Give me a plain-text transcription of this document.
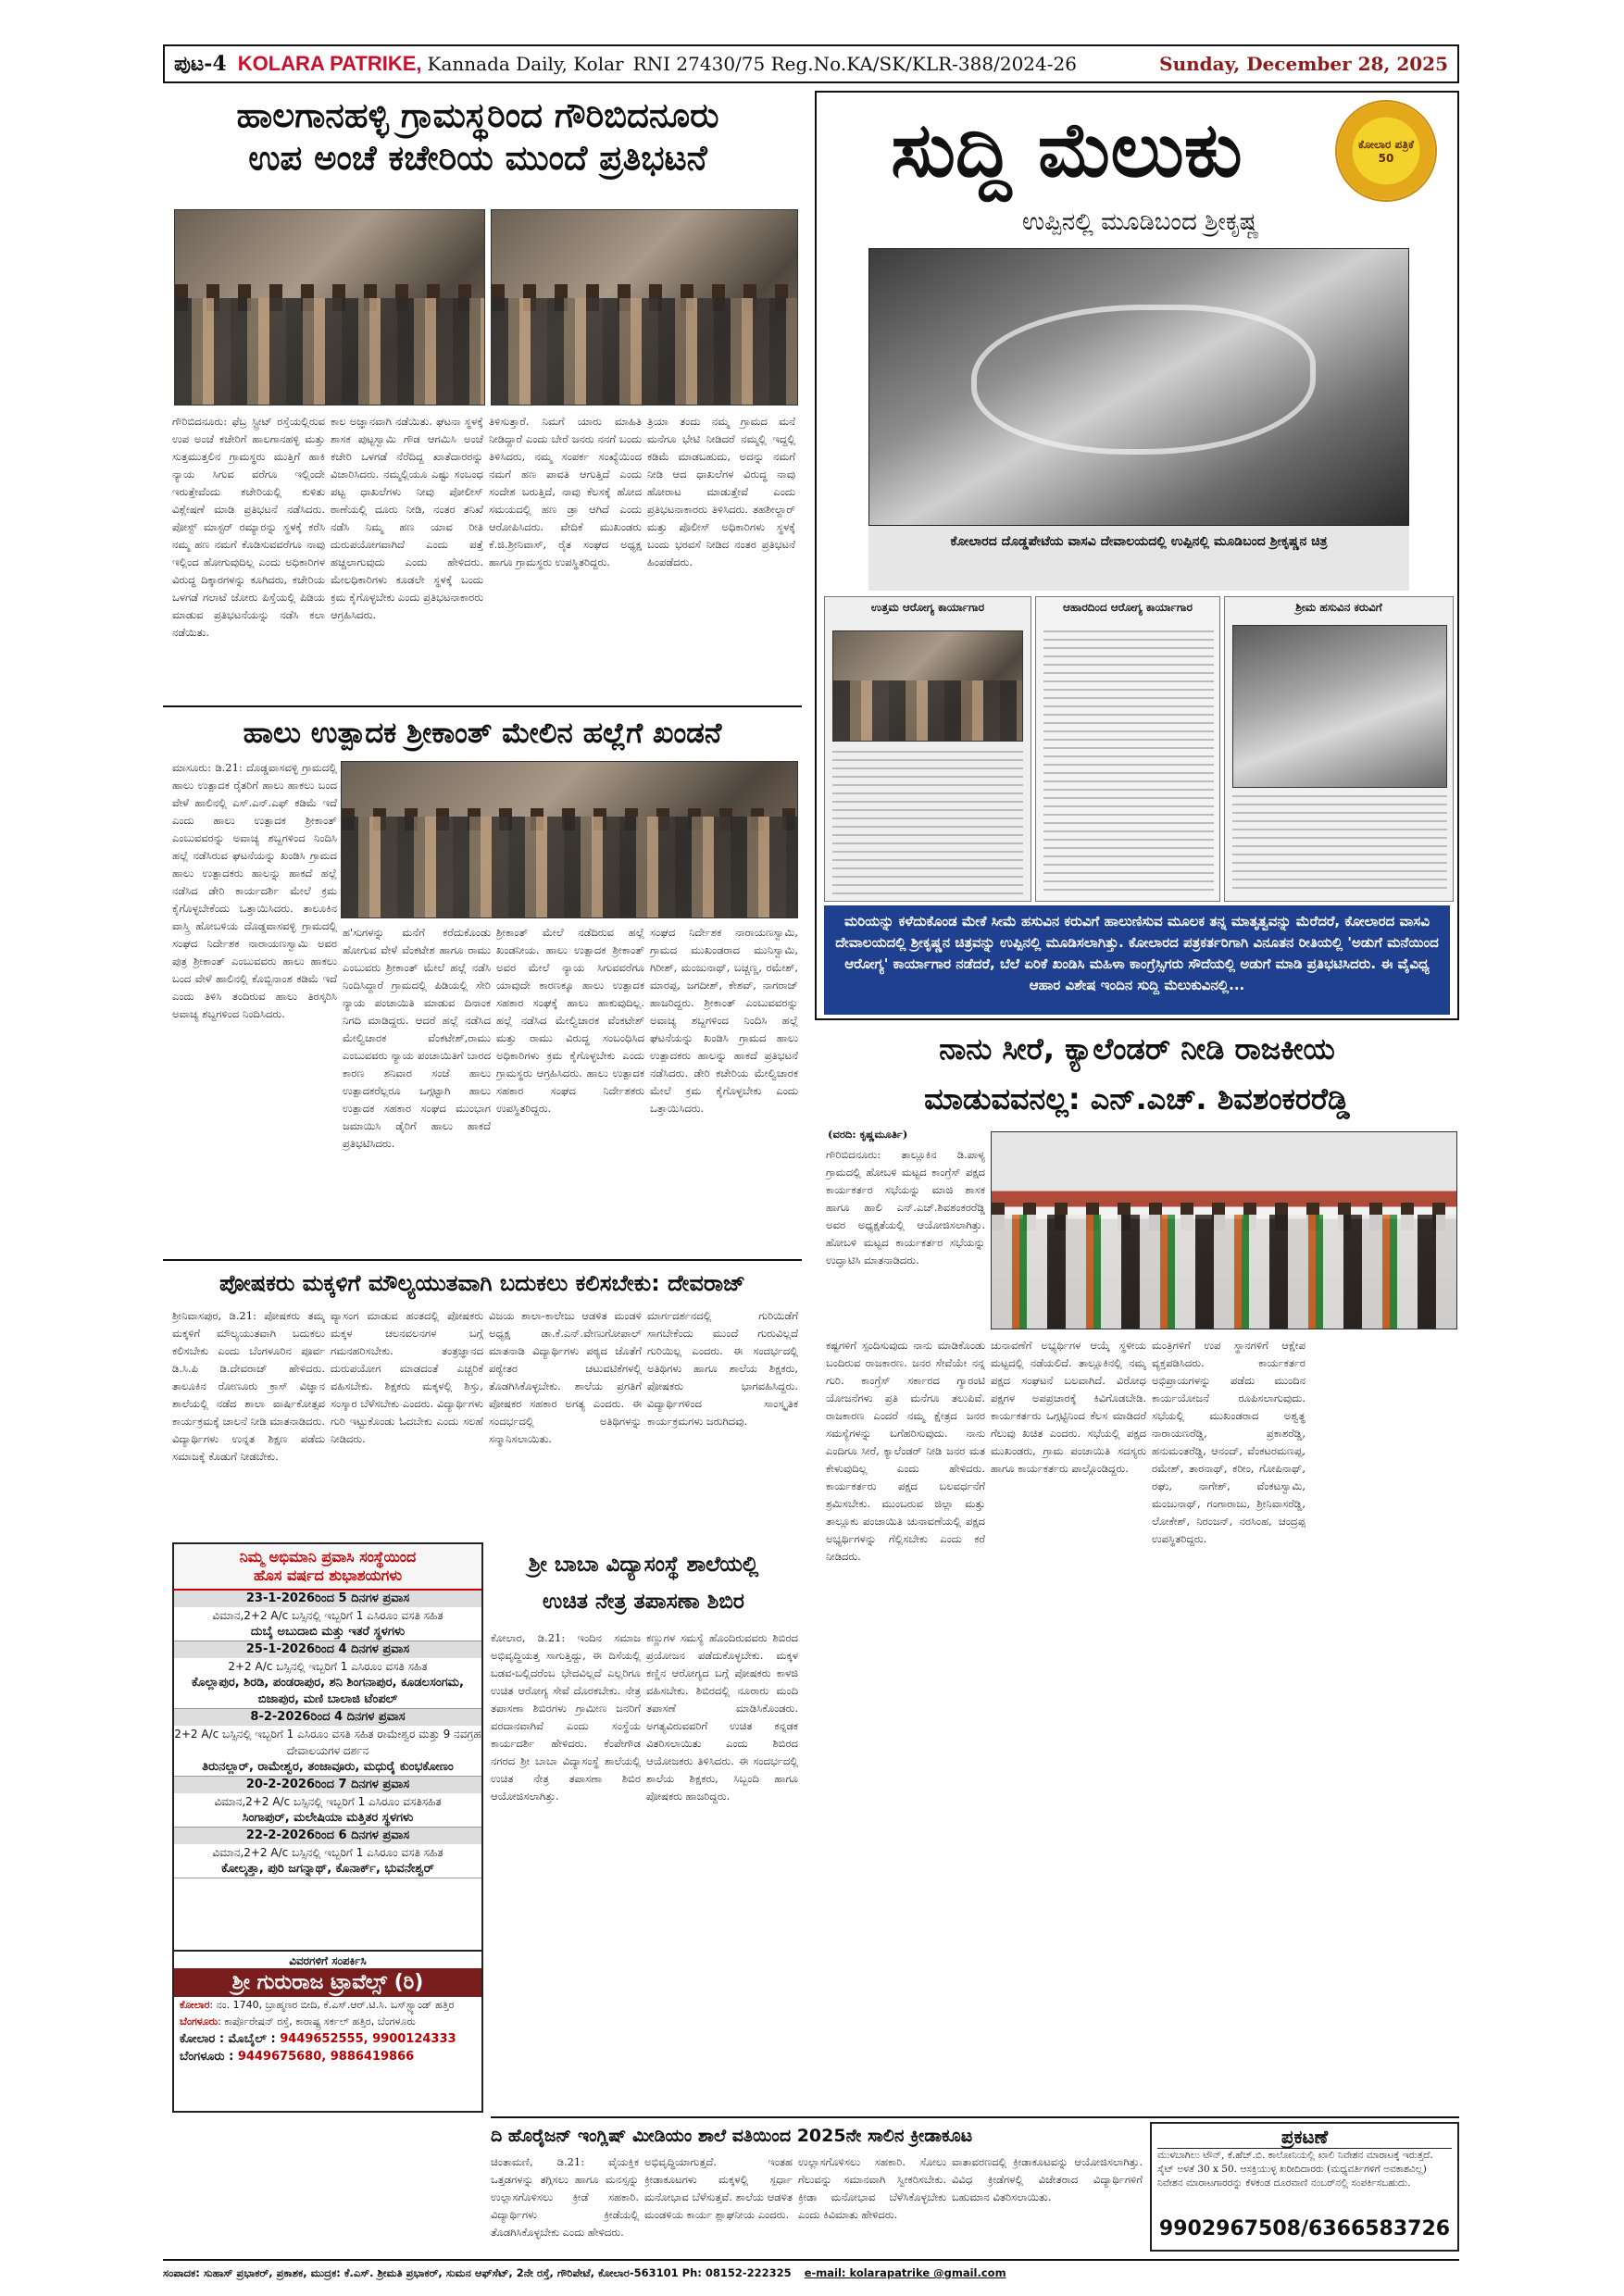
ಪುಟ-4 KOLARA PATRIKE, Kannada Daily, Kolar RNI 27430/75 Reg.No.KA/SK/KLR-388/2024-26	Sunday, December 28, 2025
ಹಾಲಗಾನಹಳ್ಳಿ ಗ್ರಾಮಸ್ಥರಿಂದ ಗೌರಿಬಿದನೂರು
ಉಪ ಅಂಚೆ ಕಚೇರಿಯ ಮುಂದೆ ಪ್ರತಿಭಟನೆ
ಗೌರಿಬಿದನೂರು: ಫೆಬ್ರ ಸ್ಟ್ರೀಟ್ ರಸ್ತೆಯಲ್ಲಿರುವ ಉಪ ಅಂಚೆ ಕಚೇರಿಗೆ ಹಾಲಗಾನಹಳ್ಳಿ ಮತ್ತು ಸುತ್ತಮುತ್ತಲಿನ ಗ್ರಾಮಸ್ಥರು ಮುತ್ತಿಗೆ ಹಾಕಿ ನ್ಯಾಯ ಸಿಗುವ ವರೆಗೂ ಇಲ್ಲಿಂದೇ ಇರುತ್ತೇವೆಂದು ಕಚೇರಿಯಲ್ಲಿ ಕುಳಿತು ವಿಶ್ಲೇಷಣೆ ಮಾಡಿ ಪ್ರತಿಭಟನೆ ನಡೆಸಿದರು. ಪೋಸ್ಟ್ ಮಾಸ್ಟರ್ ರಮ್ಯಾರನ್ನು ಸ್ಥಳಕ್ಕೆ ಕರೆಸಿ ನಮ್ಮ ಹಣ ನಮಗೆ ಕೊಡಿಸುವವರೆಗೂ ನಾವು ಇಲ್ಲಿಂದ ಹೋಗುವುದಿಲ್ಲ ಎಂದು ಅಧಿಕಾರಿಗಳ ವಿರುದ್ಧ ದಿಕ್ಕಾರಗಳನ್ನು ಕೂಗಿದರು, ಕಚೇರಿಯ ಒಳಗಡೆ ಗಲಾಟೆ ಜೋರು ಪಿಸ್ತೆಯಲ್ಲಿ ಪಿಡಿಯ ಮಾಡುವ ಪ್ರತಿಭಟನೆಯನ್ನು ನಡೆಸಿ ಕಲಾ ನಡೆಯಿತು.
ಕಾಲ ಅಜ್ಞಾನವಾಗಿ ನಡೆಯಿತು. ಘಟನಾ ಸ್ಥಳಕ್ಕೆ ಶಾಸಕ ಪುಟ್ಟಸ್ವಾಮಿ ಗೌಡ ಆಗಮಿಸಿ ಅಂಚೆ ಕಚೇರಿ ಒಳಗಡೆ ನೆರೆದಿದ್ದ ಖಾತೆದಾರರನ್ನು ವಿಚಾರಿಸಿದರು. ನಮ್ಮಲ್ಲಿಯೂ ಎಷ್ಟು ಸಂಬಂಧ ಪಟ್ಟ ಧಾಖಲೆಗಳು ನೀವು ಪೋಲೀಸ್ ಠಾಣೆಯಲ್ಲಿ ದೂರು ನೀಡಿ, ನಂತರ ತನಿಖೆ ನಡೆಸಿ ನಿಮ್ಮ ಹಣ ಯಾವ ರೀತಿ ದುರುಪಯೋಗವಾಗಿದೆ ಎಂದು ಪತ್ತೆ ಹಚ್ಚಲಾಗುವುದು ಎಂದು ಹೇಳಿದರು. ಮೇಲಧಿಕಾರಿಗಳು ಕೂಡಲೇ ಸ್ಥಳಕ್ಕೆ ಬಂದು ಕ್ರಮ ಕೈಗೊಳ್ಳಬೇಕು ಎಂದು ಪ್ರತಿಭಟನಾಕಾರರು ಆಗ್ರಹಿಸಿದರು.
ತಿಳಿಸುತ್ತಾರೆ. ನಿಮಗೆ ಯಾರು ಮಾಹಿತಿ ನೀಡಿದ್ದಾರೆ ಎಂದು ಬೇರೆ ಜನರು ನನಗೆ ಬಂದು ತಿಳಿಸಿದರು, ನಮ್ಮ ಸಂಪರ್ಕ ಸಂಖ್ಯೆಯಿಂದ ನಮಗೆ ಹಣ ಪಾವತಿ ಆಗುತ್ತಿದೆ ಎಂದು ಸಂದೇಶ ಬರುತ್ತಿದೆ, ನಾವು ಕೆಲಸಕ್ಕೆ ಹೋದ ಸಮಯದಲ್ಲಿ ಹಣ ಡ್ರಾ ಆಗಿದೆ ಎಂದು ಆರೋಪಿಸಿದರು. ವೇದಿಕೆ ಮುಖಂಡರು ಕೆ.ಜಿ.ಶ್ರೀನಿವಾಸ್, ರೈತ ಸಂಘದ ಅಧ್ಯಕ್ಷ ಹಾಗೂ ಗ್ರಾಮಸ್ಥರು ಉಪಸ್ಥಿತರಿದ್ದರು.
ತ್ರಿಯಾ ತಂದು ನಮ್ಮ ಗ್ರಾಮದ ಮನೆ ಮನೆಗೂ ಭೇಟಿ ನೀಡಿದರೆ ನಮ್ಮಲ್ಲಿ ಇದ್ದಲ್ಲಿ ಕಡಿಮೆ ಮಾಡಬಹುದು, ಅದನ್ನು ನಮಗೆ ನೀಡಿ ಆದ ಧಾಖಲೆಗಳ ವಿರುದ್ಧ ನಾವು ಹೋರಾಟ ಮಾಡುತ್ತೇವೆ ಎಂದು ಪ್ರತಿಭಟನಾಕಾರರು ತಿಳಿಸಿದರು. ತಹಶೀಲ್ದಾರ್ ಮತ್ತು ಪೊಲೀಸ್ ಅಧಿಕಾರಿಗಳು ಸ್ಥಳಕ್ಕೆ ಬಂದು ಭರವಸೆ ನೀಡಿದ ನಂತರ ಪ್ರತಿಭಟನೆ ಹಿಂಪಡೆದರು.
ಸುದ್ದಿ ಮೆಲುಕು	ಕೋಲಾರ ಪತ್ರಿಕೆ 50
ಉಪ್ಪಿನಲ್ಲಿ ಮೂಡಿಬಂದ ಶ್ರೀಕೃಷ್ಣ
ಕೋಲಾರದ ದೊಡ್ಡಪೇಟೆಯ ವಾಸವಿ ದೇವಾಲಯದಲ್ಲಿ ಉಪ್ಪಿನಲ್ಲಿ ಮೂಡಿಬಂದ ಶ್ರೀಕೃಷ್ಣನ ಚಿತ್ರ
ಉತ್ತಮ ಆರೋಗ್ಯ ಕಾರ್ಯಾಗಾರ	ಆಹಾರದಿಂದ ಆರೋಗ್ಯ ಕಾರ್ಯಾಗಾರ	ಶ್ರೀಮ ಹಸುವಿನ ಕರುವಿಗೆ
ಮರಿಯನ್ನು ಕಳೆದುಕೊಂಡ ಮೇಕೆ ಸೀಮೆ ಹಸುವಿನ ಕರುವಿಗೆ ಹಾಲುಣಿಸುವ ಮೂಲಕ ತನ್ನ ಮಾತೃತ್ವವನ್ನು ಮೆರೆದರೆ, ಕೋಲಾರದ ವಾಸವಿ ದೇವಾಲಯದಲ್ಲಿ ಶ್ರೀಕೃಷ್ಣನ ಚಿತ್ರವನ್ನು ಉಪ್ಪಿನಲ್ಲಿ ಮೂಡಿಸಲಾಗಿತ್ತು. ಕೋಲಾರದ ಪತ್ರಕರ್ತರಿಗಾಗಿ ವಿನೂತನ ರೀತಿಯಲ್ಲಿ 'ಅಡುಗೆ ಮನೆಯಿಂದ ಆರೋಗ್ಯ' ಕಾರ್ಯಾಗಾರ ನಡೆದರೆ, ಬೆಲೆ ಏರಿಕೆ ಖಂಡಿಸಿ ಮಹಿಳಾ ಕಾಂಗ್ರೆಸ್ಸಿಗರು ಸೌದೆಯಲ್ಲಿ ಅಡುಗೆ ಮಾಡಿ ಪ್ರತಿಭಟಿಸಿದರು. ಈ ವೈವಿಧ್ಯ ಆಹಾರ ವಿಶೇಷ ಇಂದಿನ ಸುದ್ದಿ ಮೆಲುಕುವಿನಲ್ಲಿ...
ಹಾಲು ಉತ್ಪಾದಕ ಶ್ರೀಕಾಂತ್ ಮೇಲಿನ ಹಲ್ಲೆಗೆ ಖಂಡನೆ
ಮಾಸೂರು: ಡಿ.21: ದೊಡ್ಡವಾಸವಳ್ಳಿ ಗ್ರಾಮದಲ್ಲಿ ಹಾಲು ಉತ್ಪಾದಕ ರೈತರಿಗೆ ಹಾಲು ಹಾಕಲು ಬಂದ ವೇಳೆ ಹಾಲಿನಲ್ಲಿ ಎಸ್.ಎನ್.ಎಫ್ ಕಡಿಮೆ ಇದೆ ಎಂದು ಹಾಲು ಉತ್ಪಾದಕ ಶ್ರೀಕಾಂತ್ ಎಂಬುವವರನ್ನು ಅವಾಚ್ಯ ಶಬ್ದಗಳಿಂದ ನಿಂದಿಸಿ ಹಲ್ಲೆ ನಡೆಸಿರುವ ಘಟನೆಯನ್ನು ಖಂಡಿಸಿ ಗ್ರಾಮದ ಹಾಲು ಉತ್ಪಾದಕರು ಹಾಲನ್ನು ಹಾಕದೆ ಹಲ್ಲೆ ನಡೆಸಿದ ಡೇರಿ ಕಾರ್ಯದರ್ಶಿ ಮೇಲೆ ಕ್ರಮ ಕೈಗೊಳ್ಳಬೇಕೆಂದು ಒತ್ತಾಯಿಸಿದರು. ತಾಲೂಕಿನ ವಾಸ್ತ್ರಿ ಹೋಬಳಿಯ ದೊಡ್ಡವಾಸವಳ್ಳಿ ಗ್ರಾಮದಲ್ಲಿ ಸಂಘದ ನಿರ್ದೇಶಕ ನಾರಾಯಣಸ್ವಾಮಿ ಅವರ ಪುತ್ರ ಶ್ರೀಕಾಂತ್ ಎಂಬುವವರು ಹಾಲು ಹಾಕಲು ಬಂದ ವೇಳೆ ಹಾಲಿನಲ್ಲಿ ಕೊಬ್ಬಿನಾಂಶ ಕಡಿಮೆ ಇದೆ ಎಂದು ತಿಳಿಸಿ ತಂದಿರುವ ಹಾಲು ತಿರಸ್ಕರಿಸಿ ಅವಾಚ್ಯ ಶಬ್ದಗಳಿಂದ ನಿಂದಿಸಿದರು.
ಹ'ಸುಗಳನ್ನು ಮನೆಗೆ ಕರೆದುಕೊಂಡು ಹೋಗುವ ವೇಳೆ ವೆಂಕಟೇಶ ಹಾಗೂ ರಾಮು ಎಂಬುವರು ಶ್ರೀಕಾಂತ್ ಮೇಲೆ ಹಲ್ಲೆ ನಡೆಸಿ ನಿಂದಿಸಿದ್ದಾರೆ ಗ್ರಾಮದಲ್ಲಿ ಪಿಡಿಯಲ್ಲಿ ಸೇರಿ ನ್ಯಾಯ ಪಂಚಾಯಿತಿ ಮಾಡುವ ದಿನಾಂಕ ನಿಗದಿ ಮಾಡಿದ್ದರು. ಆದರೆ ಹಲ್ಲೆ ನಡೆಸಿದ ಮೇಲ್ವಿಚಾರಕ ವೆಂಕಟೇಶ್,ರಾಮು ಎಂಬುವವರು ನ್ಯಾಯ ಪಂಚಾಯಿತಿಗೆ ಬಾರದ ಕಾರಣ ಶನಿವಾರ ಸಂಜೆ ಹಾಲು ಉತ್ಪಾದಕರೆಲ್ಲರೂ ಒಗ್ಗಟ್ಟಾಗಿ ಹಾಲು ಉತ್ಪಾದಕ ಸಹಕಾರ ಸಂಘದ ಮುಂಭಾಗ ಜಮಾಯಿಸಿ ಡೈರಿಗೆ ಹಾಲು ಹಾಕದೆ ಪ್ರತಿಭಟಿಸಿದರು.
ಶ್ರೀಕಾಂತ್ ಮೇಲೆ ನಡೆದಿರುವ ಹಲ್ಲೆ ಖಂಡನೀಯ. ಹಾಲು ಉತ್ಪಾದಕ ಶ್ರೀಕಾಂತ್ ಅವರ ಮೇಲೆ ನ್ಯಾಯ ಸಿಗುವವರೆಗೂ ಯಾವುದೇ ಕಾರಣಕ್ಕೂ ಹಾಲು ಉತ್ಪಾದಕ ಸಹಕಾರ ಸಂಘಕ್ಕೆ ಹಾಲು ಹಾಕುವುದಿಲ್ಲ. ಹಲ್ಲೆ ನಡೆಸಿದ ಮೇಲ್ವಿಚಾರಕ ವೆಂಕಟೇಶ್ ಮತ್ತು ರಾಮು ವಿರುದ್ಧ ಸಂಬಂಧಿಸಿದ ಅಧಿಕಾರಿಗಳು ಕ್ರಮ ಕೈಗೊಳ್ಳಬೇಕು ಎಂದು ಗ್ರಾಮಸ್ಥರು ಆಗ್ರಹಿಸಿದರು. ಹಾಲು ಉತ್ಪಾದಕ ಸಹಕಾರ ಸಂಘದ ನಿರ್ದೇಶಕರು ಉಪಸ್ಥಿತರಿದ್ದರು.
ಸಂಘದ ನಿರ್ದೇಶಕ ನಾರಾಯಣಸ್ವಾಮಿ, ಗ್ರಾಮದ ಮುಖಂಡರಾದ ಮುನಿಸ್ವಾಮಿ, ಗಿರೀಶ್, ಮಂಜುನಾಥ್, ಬಚ್ಚಣ್ಣ, ರಮೇಶ್, ಮಾರಪ್ಪ, ಜಗದೀಶ್, ಕೇಶವ್, ನಾಗರಾಜ್ ಹಾಜರಿದ್ದರು. ಶ್ರೀಕಾಂತ್ ಎಂಬುವವರನ್ನು ಅವಾಚ್ಯ ಶಬ್ದಗಳಿಂದ ನಿಂದಿಸಿ ಹಲ್ಲೆ ಘಟನೆಯನ್ನು ಖಂಡಿಸಿ ಗ್ರಾಮದ ಹಾಲು ಉತ್ಪಾದಕರು ಹಾಲನ್ನು ಹಾಕದೆ ಪ್ರತಿಭಟನೆ ನಡೆಸಿದರು. ಡೇರಿ ಕಚೇರಿಯ ಮೇಲ್ವಿಚಾರಕ ಮೇಲೆ ಕ್ರಮ ಕೈಗೊಳ್ಳಬೇಕು ಎಂದು ಒತ್ತಾಯಿಸಿದರು.
ನಾನು ಸೀರೆ, ಕ್ಯಾಲೆಂಡರ್ ನೀಡಿ ರಾಜಕೀಯ
ಮಾಡುವವನಲ್ಲ: ಎನ್.ಎಚ್. ಶಿವಶಂಕರರೆಡ್ಡಿ
(ವರದಿ: ಕೃಷ್ಣಮೂರ್ತಿ)
ಗೌರಿಬಿದನೂರು: ತಾಲ್ಲೂಕಿನ ಡಿ.ಪಾಳ್ಯ ಗ್ರಾಮದಲ್ಲಿ ಹೋಬಳಿ ಮಟ್ಟದ ಕಾಂಗ್ರೆಸ್ ಪಕ್ಷದ ಕಾರ್ಯಕರ್ತರ ಸಭೆಯನ್ನು ಮಾಜಿ ಶಾಸಕ ಹಾಗೂ ಹಾಲಿ ಎನ್.ಎಚ್.ಶಿವಶಂಕರರೆಡ್ಡಿ ಅವರ ಅಧ್ಯಕ್ಷತೆಯಲ್ಲಿ ಆಯೋಜಿಸಲಾಗಿತ್ತು. ಹೋಬಳಿ ಮಟ್ಟದ ಕಾರ್ಯಕರ್ತರ ಸಭೆಯನ್ನು ಉದ್ಘಾಟಿಸಿ ಮಾತನಾಡಿದರು.
ಕಷ್ಟಗಳಿಗೆ ಸ್ಪಂದಿಸುವುದು ನಾನು ಮಾಡಿಕೊಂಡು ಬಂದಿರುವ ರಾಜಕಾರಣ. ಜನರ ಸೇವೆಯೇ ನನ್ನ ಗುರಿ. ಕಾಂಗ್ರೆಸ್ ಸರ್ಕಾರದ ಗ್ಯಾರಂಟಿ ಯೋಜನೆಗಳು ಪ್ರತಿ ಮನೆಗೂ ತಲುಪಿವೆ. ರಾಜಕಾರಣ ಎಂದರೆ ನಮ್ಮ ಕ್ಷೇತ್ರದ ಜನರ ಸಮಸ್ಯೆಗಳನ್ನು ಬಗೆಹರಿಸುವುದು. ನಾನು ಎಂದಿಗೂ ಸೀರೆ, ಕ್ಯಾಲೆಂಡರ್ ನೀಡಿ ಜನರ ಮತ ಕೇಳುವುದಿಲ್ಲ ಎಂದು ಹೇಳಿದರು. ಕಾರ್ಯಕರ್ತರು ಪಕ್ಷದ ಬಲವರ್ಧನೆಗೆ ಶ್ರಮಿಸಬೇಕು. ಮುಂಬರುವ ಜಿಲ್ಲಾ ಮತ್ತು ತಾಲ್ಲೂಕು ಪಂಚಾಯಿತಿ ಚುನಾವಣೆಯಲ್ಲಿ ಪಕ್ಷದ ಅಭ್ಯರ್ಥಿಗಳನ್ನು ಗೆಲ್ಲಿಸಬೇಕು ಎಂದು ಕರೆ ನೀಡಿದರು.
ಚುನಾವಣೆಗೆ ಅಭ್ಯರ್ಥಿಗಳ ಆಯ್ಕೆ ಸ್ಥಳೀಯ ಮಟ್ಟದಲ್ಲಿ ನಡೆಯಲಿದೆ. ತಾಲ್ಲೂಕಿನಲ್ಲಿ ನಮ್ಮ ಪಕ್ಷದ ಸಂಘಟನೆ ಬಲವಾಗಿದೆ. ವಿರೋಧ ಪಕ್ಷಗಳ ಅಪಪ್ರಚಾರಕ್ಕೆ ಕಿವಿಗೊಡಬೇಡಿ. ಕಾರ್ಯಕರ್ತರು ಒಗ್ಗಟ್ಟಿನಿಂದ ಕೆಲಸ ಮಾಡಿದರೆ ಗೆಲುವು ಖಚಿತ ಎಂದರು. ಸಭೆಯಲ್ಲಿ ಪಕ್ಷದ ಮುಖಂಡರು, ಗ್ರಾಮ ಪಂಚಾಯಿತಿ ಸದಸ್ಯರು ಹಾಗೂ ಕಾರ್ಯಕರ್ತರು ಪಾಲ್ಗೊಂಡಿದ್ದರು.
ಮಂತ್ರಿಗಳಿಗೆ ಉಪ ಸ್ಥಾನಗಳಿಗೆ ಆಕ್ಷೇಪ ವ್ಯಕ್ತಪಡಿಸಿದರು. ಕಾರ್ಯಕರ್ತರ ಅಭಿಪ್ರಾಯಗಳನ್ನು ಪಡೆದು ಮುಂದಿನ ಕಾರ್ಯಯೋಜನೆ ರೂಪಿಸಲಾಗುವುದು. ಸಭೆಯಲ್ಲಿ ಮುಖಂಡರಾದ ಅಶ್ವತ್ಥ ನಾರಾಯಣರೆಡ್ಡಿ, ಪ್ರಕಾಶರೆಡ್ಡಿ, ಹನುಮಂತರೆಡ್ಡಿ, ಆನಂದ್, ವೆಂಕಟರಮಣಪ್ಪ, ರಮೇಶ್, ತಾರನಾಥ್, ಕರೀಂ, ಗೋಪಿನಾಥ್, ರಘು, ನಾಗೇಶ್, ವೆಂಕಟಸ್ವಾಮಿ, ಮಂಜುನಾಥ್, ಗಂಗಾರಾಜು, ಶ್ರೀನಿವಾಸರೆಡ್ಡಿ, ಲೋಕೇಶ್, ನಿರಂಜನ್, ನರಸಿಂಹ, ಚಂದ್ರಪ್ಪ ಉಪಸ್ಥಿತರಿದ್ದರು.
ಪೋಷಕರು ಮಕ್ಕಳಿಗೆ ಮೌಲ್ಯಯುತವಾಗಿ ಬದುಕಲು ಕಲಿಸಬೇಕು: ದೇವರಾಜ್
ಶ್ರೀನಿವಾಸಪುರ, ಡಿ.21: ಪೋಷಕರು ತಮ್ಮ ಮಕ್ಕಳಿಗೆ ಮೌಲ್ಯಯುತವಾಗಿ ಬದುಕಲು ಕಲಿಸಬೇಕು ಎಂದು ಬೆಂಗಳೂರಿನ ಪೂರ್ವ ಡಿ.ಸಿ.ಪಿ ಡಿ.ದೇವರಾಜ್ ಹೇಳಿದರು. ತಾಲೂಕಿನ ರೋಣೂರು ಕ್ರಾಸ್ ವಿಜ್ಞಾನ ಶಾಲೆಯಲ್ಲಿ ನಡೆದ ಶಾಲಾ ವಾರ್ಷಿಕೋತ್ಸವ ಕಾರ್ಯಕ್ರಮಕ್ಕೆ ಚಾಲನೆ ನೀಡಿ ಮಾತನಾಡಿದರು. ವಿದ್ಯಾರ್ಥಿಗಳು ಉನ್ನತ ಶಿಕ್ಷಣ ಪಡೆದು ಸಮಾಜಕ್ಕೆ ಕೊಡುಗೆ ನೀಡಬೇಕು.
ವ್ಯಾಸಂಗ ಮಾಡುವ ಹಂತದಲ್ಲಿ ಪೋಷಕರು ಮಕ್ಕಳ ಚಲನವಲನಗಳ ಬಗ್ಗೆ ಗಮನಹರಿಸಬೇಕು. ತಂತ್ರಜ್ಞಾನದ ದುರುಪಯೋಗ ಮಾಡದಂತೆ ಎಚ್ಚರಿಕೆ ವಹಿಸಬೇಕು. ಶಿಕ್ಷಕರು ಮಕ್ಕಳಲ್ಲಿ ಶಿಸ್ತು, ಸಂಸ್ಕಾರ ಬೆಳೆಸಬೇಕು ಎಂದರು. ವಿದ್ಯಾರ್ಥಿಗಳು ಗುರಿ ಇಟ್ಟುಕೊಂಡು ಓದಬೇಕು ಎಂದು ಸಲಹೆ ನೀಡಿದರು.
ವಿಜಯ ಶಾಲಾ-ಕಾಲೇಜು ಆಡಳಿತ ಮಂಡಳಿ ಅಧ್ಯಕ್ಷ ಡಾ.ಕೆ.ಎನ್.ವೇಣುಗೋಪಾಲ್ ಮಾತನಾಡಿ ವಿದ್ಯಾರ್ಥಿಗಳು ಪಠ್ಯದ ಜೊತೆಗೆ ಪಠ್ಯೇತರ ಚಟುವಟಿಕೆಗಳಲ್ಲಿ ತೊಡಗಿಸಿಕೊಳ್ಳಬೇಕು. ಶಾಲೆಯ ಪ್ರಗತಿಗೆ ಪೋಷಕರ ಸಹಕಾರ ಅಗತ್ಯ ಎಂದರು. ಈ ಸಂದರ್ಭದಲ್ಲಿ ಅತಿಥಿಗಳನ್ನು ಸನ್ಮಾನಿಸಲಾಯಿತು.
ಮಾರ್ಗದರ್ಶನದಲ್ಲಿ ಗುರಿಯಿಡೆಗೆ ಸಾಗಬೇಕೆಂದು ಮುಂದೆ ಗುರುವಿಲ್ಲದೆ ಗುರಿಯಿಲ್ಲ ಎಂದರು. ಈ ಸಂದರ್ಭದಲ್ಲಿ ಅತಿಥಿಗಳು ಹಾಗೂ ಶಾಲೆಯ ಶಿಕ್ಷಕರು, ಪೋಷಕರು ಭಾಗವಹಿಸಿದ್ದರು. ವಿದ್ಯಾರ್ಥಿಗಳಿಂದ ಸಾಂಸ್ಕೃತಿಕ ಕಾರ್ಯಕ್ರಮಗಳು ಜರುಗಿದವು.
ನಿಮ್ಮ ಅಭಿಮಾನಿ ಪ್ರವಾಸಿ ಸಂಸ್ಥೆಯಿಂದ
ಹೊಸ ವರ್ಷದ ಶುಭಾಶಯಗಳು
23-1-2026ರಿಂದ 5 ದಿನಗಳ ಪ್ರವಾಸ
ವಿಮಾನ,2+2 A/c ಬಸ್ಸಿನಲ್ಲಿ ಇಬ್ಬರಿಗೆ 1 ಎಸಿರೂಂ ವಸತಿ ಸಹಿತ
ದುಬೈ ಅಬುದಾಬಿ ಮತ್ತು ಇತರೆ ಸ್ಥಳಗಳು
25-1-2026ರಿಂದ 4 ದಿನಗಳ ಪ್ರವಾಸ
2+2 A/c ಬಸ್ಸಿನಲ್ಲಿ ಇಬ್ಬರಿಗೆ 1 ಎಸಿರೂಂ ವಸತಿ ಸಹಿತ
ಕೊಲ್ಲಾಪುರ, ಶಿರಡಿ, ಪಂಡರಾಪುರ, ಶನಿ ಶಿಂಗನಾಪುರ, ಕೂಡಲಸಂಗಮ, ಬಿಜಾಪುರ, ಮಣಿ ಬಾಲಾಜಿ ಟೆಂಪಲ್
8-2-2026ರಿಂದ 4 ದಿನಗಳ ಪ್ರವಾಸ
2+2 A/c ಬಸ್ಸಿನಲ್ಲಿ ಇಬ್ಬರಿಗೆ 1 ಎಸಿರೂಂ ವಸತಿ ಸಹಿತ ರಾಮೇಶ್ವರ ಮತ್ತು 9 ನವಗ್ರಹ ದೇವಾಲಯಗಳ ದರ್ಶನ
ತಿರುನಲ್ಲಾರ್, ರಾಮೇಶ್ವರ, ತಂಜಾವೂರು, ಮಧುರೈ ಕುಂಭಕೋಣಂ
20-2-2026ರಿಂದ 7 ದಿನಗಳ ಪ್ರವಾಸ
ವಿಮಾನ,2+2 A/c ಬಸ್ಸಿನಲ್ಲಿ ಇಬ್ಬರಿಗೆ 1 ಎಸಿರೂಂ ವಸತಿಸಹಿತ
ಸಿಂಗಾಪುರ್, ಮಲೇಷಿಯಾ ಮತ್ತಿತರ ಸ್ಥಳಗಳು
22-2-2026ರಿಂದ 6 ದಿನಗಳ ಪ್ರವಾಸ
ವಿಮಾನ,2+2 A/c ಬಸ್ಸಿನಲ್ಲಿ ಇಬ್ಬರಿಗೆ 1 ಎಸಿರೂಂ ವಸತಿ ಸಹಿತ
ಕೋಲ್ಕತ್ತಾ, ಪುರಿ ಜಗನ್ನಾಥ್, ಕೊನಾರ್ಕ್, ಭುವನೇಶ್ವರ್
ವಿವರಗಳಿಗೆ ಸಂಪರ್ಕಿಸಿ
ಶ್ರೀ ಗುರುರಾಜ ಟ್ರಾವೆಲ್ಸ್ (ರಿ)
ಕೋಲಾರ: ನಂ. 1740, ಬ್ರಾಹ್ಮಣರ ಬೀದಿ, ಕೆ.ಎಸ್.ಆರ್.ಟಿ.ಸಿ. ಬಸ್‌ಸ್ಟ್ಯಾಂಡ್ ಹತ್ತಿರ
ಬೆಂಗಳೂರು: ಕಾರ್ಪೊರೇಷನ್ ರಸ್ತೆ, ಕಾರಾಷ್ಟ್ರ ಸರ್ಕಲ್ ಹತ್ತಿರ, ಬೆಂಗಳೂರು
ಕೋಲಾರ : ಮೊಬೈಲ್ : 9449652555, 9900124333
ಬೆಂಗಳೂರು : 9449675680, 9886419866
ಶ್ರೀ ಬಾಬಾ ವಿದ್ಯಾಸಂಸ್ಥೆ ಶಾಲೆಯಲ್ಲಿ
ಉಚಿತ ನೇತ್ರ ತಪಾಸಣಾ ಶಿಬಿರ
ಕೋಲಾರ, ಡಿ.21: ಇಂದಿನ ಸಮಾಜ ಅಭಿವೃದ್ಧಿಯತ್ತ ಸಾಗುತ್ತಿದ್ದು, ಈ ದಿಸೆಯಲ್ಲಿ ಬಡವ-ಬಲ್ಲಿದರೆಂಬ ಭೇದವಿಲ್ಲದೆ ಎಲ್ಲರಿಗೂ ಉಚಿತ ಆರೋಗ್ಯ ಸೇವೆ ದೊರಕಬೇಕು. ನೇತ್ರ ತಪಾಸಣಾ ಶಿಬಿರಗಳು ಗ್ರಾಮೀಣ ಜನರಿಗೆ ವರದಾನವಾಗಿವೆ ಎಂದು ಸಂಸ್ಥೆಯ ಕಾರ್ಯದರ್ಶಿ ಹೇಳಿದರು. ಕೆಂಪೇಗೌಡ ನಗರದ ಶ್ರೀ ಬಾಬಾ ವಿದ್ಯಾಸಂಸ್ಥೆ ಶಾಲೆಯಲ್ಲಿ ಉಚಿತ ನೇತ್ರ ತಪಾಸಣಾ ಶಿಬಿರ ಆಯೋಜಿಸಲಾಗಿತ್ತು.
ಕಣ್ಣುಗಳ ಸಮಸ್ಯೆ ಹೊಂದಿರುವವರು ಶಿಬಿರದ ಪ್ರಯೋಜನ ಪಡೆದುಕೊಳ್ಳಬೇಕು. ಮಕ್ಕಳ ಕಣ್ಣಿನ ಆರೋಗ್ಯದ ಬಗ್ಗೆ ಪೋಷಕರು ಕಾಳಜಿ ವಹಿಸಬೇಕು. ಶಿಬಿರದಲ್ಲಿ ನೂರಾರು ಮಂದಿ ತಪಾಸಣೆ ಮಾಡಿಸಿಕೊಂಡರು. ಅಗತ್ಯವಿರುವವರಿಗೆ ಉಚಿತ ಕನ್ನಡಕ ವಿತರಿಸಲಾಯಿತು ಎಂದು ಶಿಬಿರದ ಆಯೋಜಕರು ತಿಳಿಸಿದರು. ಈ ಸಂದರ್ಭದಲ್ಲಿ ಶಾಲೆಯ ಶಿಕ್ಷಕರು, ಸಿಬ್ಬಂದಿ ಹಾಗೂ ಪೋಷಕರು ಹಾಜರಿದ್ದರು.
ದಿ ಹೊರೈಜನ್ ಇಂಗ್ಲಿಷ್ ಮೀಡಿಯಂ ಶಾಲೆ ವತಿಯಿಂದ 2025ನೇ ಸಾಲಿನ ಕ್ರೀಡಾಕೂಟ
ಚಿಂತಾಮಣಿ, ಡಿ.21: ವೈಯಕ್ತಿಕ ಒತ್ತಡಗಳನ್ನು ತಗ್ಗಿಸಲು ಹಾಗೂ ಮನಸ್ಸನ್ನು ಉಲ್ಲಾಸಗೊಳಿಸಲು ಕ್ರೀಡೆ ಸಹಕಾರಿ. ವಿದ್ಯಾರ್ಥಿಗಳು ಕ್ರೀಡೆಯಲ್ಲಿ ತೊಡಗಿಸಿಕೊಳ್ಳಬೇಕು ಎಂದು ಹೇಳಿದರು.
ಅಭಿವೃದ್ಧಿಯಾಗುತ್ತದೆ. ಇಂತಹ ಕ್ರೀಡಾಕೂಟಗಳು ಮಕ್ಕಳಲ್ಲಿ ಸ್ಪರ್ಧಾ ಮನೋಭಾವ ಬೆಳೆಸುತ್ತವೆ. ಶಾಲೆಯ ಆಡಳಿತ ಮಂಡಳಿಯ ಕಾರ್ಯ ಶ್ಲಾಘನೀಯ ಎಂದರು.
ಉಲ್ಲಾಸಗೊಳಿಸಲು ಸಹಕಾರಿ. ಸೋಲು ಗೆಲುವನ್ನು ಸಮಾನವಾಗಿ ಸ್ವೀಕರಿಸಬೇಕು. ಕ್ರೀಡಾ ಮನೋಭಾವ ಬೆಳೆಸಿಕೊಳ್ಳಬೇಕು ಎಂದು ಕಿವಿಮಾತು ಹೇಳಿದರು.
ವಾತಾವರಣದಲ್ಲಿ ಕ್ರೀಡಾಕೂಟವನ್ನು ಆಯೋಜಿಸಲಾಗಿತ್ತು. ವಿವಿಧ ಕ್ರೀಡೆಗಳಲ್ಲಿ ವಿಜೇತರಾದ ವಿದ್ಯಾರ್ಥಿಗಳಿಗೆ ಬಹುಮಾನ ವಿತರಿಸಲಾಯಿತು.
ಪ್ರಕಟಣೆ
ಮುಳಬಾಗಿಲು ಟೌನ್, ಕೆ.ಹೆಚ್.ಬಿ. ಕಾಲೋನಿಯಲ್ಲಿ ಖಾಲಿ ನಿವೇಶನ ಮಾರಾಟಕ್ಕೆ ಇರುತ್ತದೆ. ಸೈಟ್ ಅಳತೆ 30 x 50. ಆಸಕ್ತಿಯುಳ್ಳ ಖರೀದಿದಾರರು (ಮಧ್ಯವರ್ತಿಗಳಿಗೆ ಅವಕಾಶವಿಲ್ಲ) ನಿವೇಶನ ಮಾರಾಟಗಾರರನ್ನು ಕೆಳಕಂಡ ದೂರವಾಣಿ ನಂಬರ್‌ನಲ್ಲಿ ಸಂಪರ್ಕಿಸಬಹುದು.
9902967508/6366583726
ಸಂಪಾದಕ: ಸುಹಾಸ್ ಪ್ರಭಾಕರ್, ಪ್ರಕಾಶಕ, ಮುದ್ರಕ: ಕೆ.ಎಸ್. ಶ್ರೀಮತಿ ಪ್ರಭಾಕರ್, ಸುಮನ ಆಫ್‌ಸೆಟ್, 2ನೇ ರಸ್ತೆ, ಗೌರಿಪೇಟೆ, ಕೋಲಾರ-563101 Ph: 08152-222325 e-mail: kolarapatrike @gmail.com
